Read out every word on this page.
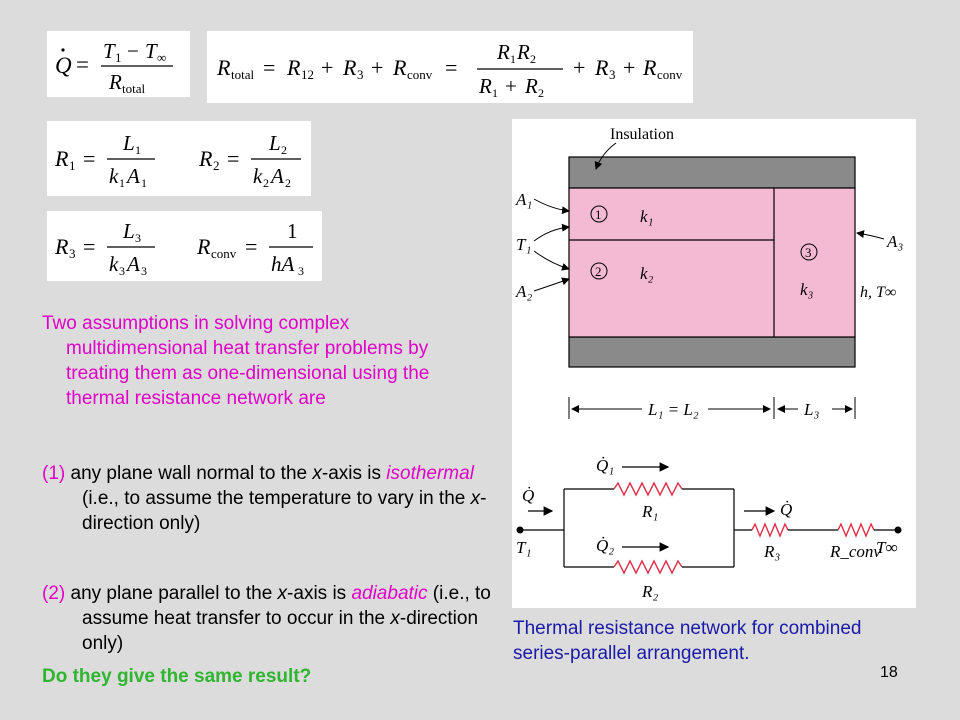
Q =
T 1 − T ∞
R total
R total = R 12 + R 3 + R conv =
R 1 R 2
R 1 + R 2
+ R 3 + R conv
R 1 =
L 1
k 1 A 1
R 2 =
L 2
k 2 A 2
R 3 =
L 3
k 3 A 3
R conv =
1
hA 3
Two assumptions in solving complex multidimensional heat transfer problems by treating them as one-dimensional using the thermal resistance network are
(1) any plane wall normal to the x-axis is isothermal (i.e., to assume the temperature to vary in the x-direction only)
(2) any plane parallel to the x-axis is adiabatic (i.e., to assume heat transfer to occur in the x-direction only)
Do they give the same result?
Insulation
1
2
3
k₁
k₂
k₃
A₁
T₁
A₂
A₃
h, T∞
L₁ = L₂	L₃
Q̇
Q̇₁
Q̇₂
Q̇
T₁	T∞
R₁
R₂
R₃	R_conv
Thermal resistance network for combined series-parallel arrangement.
18
